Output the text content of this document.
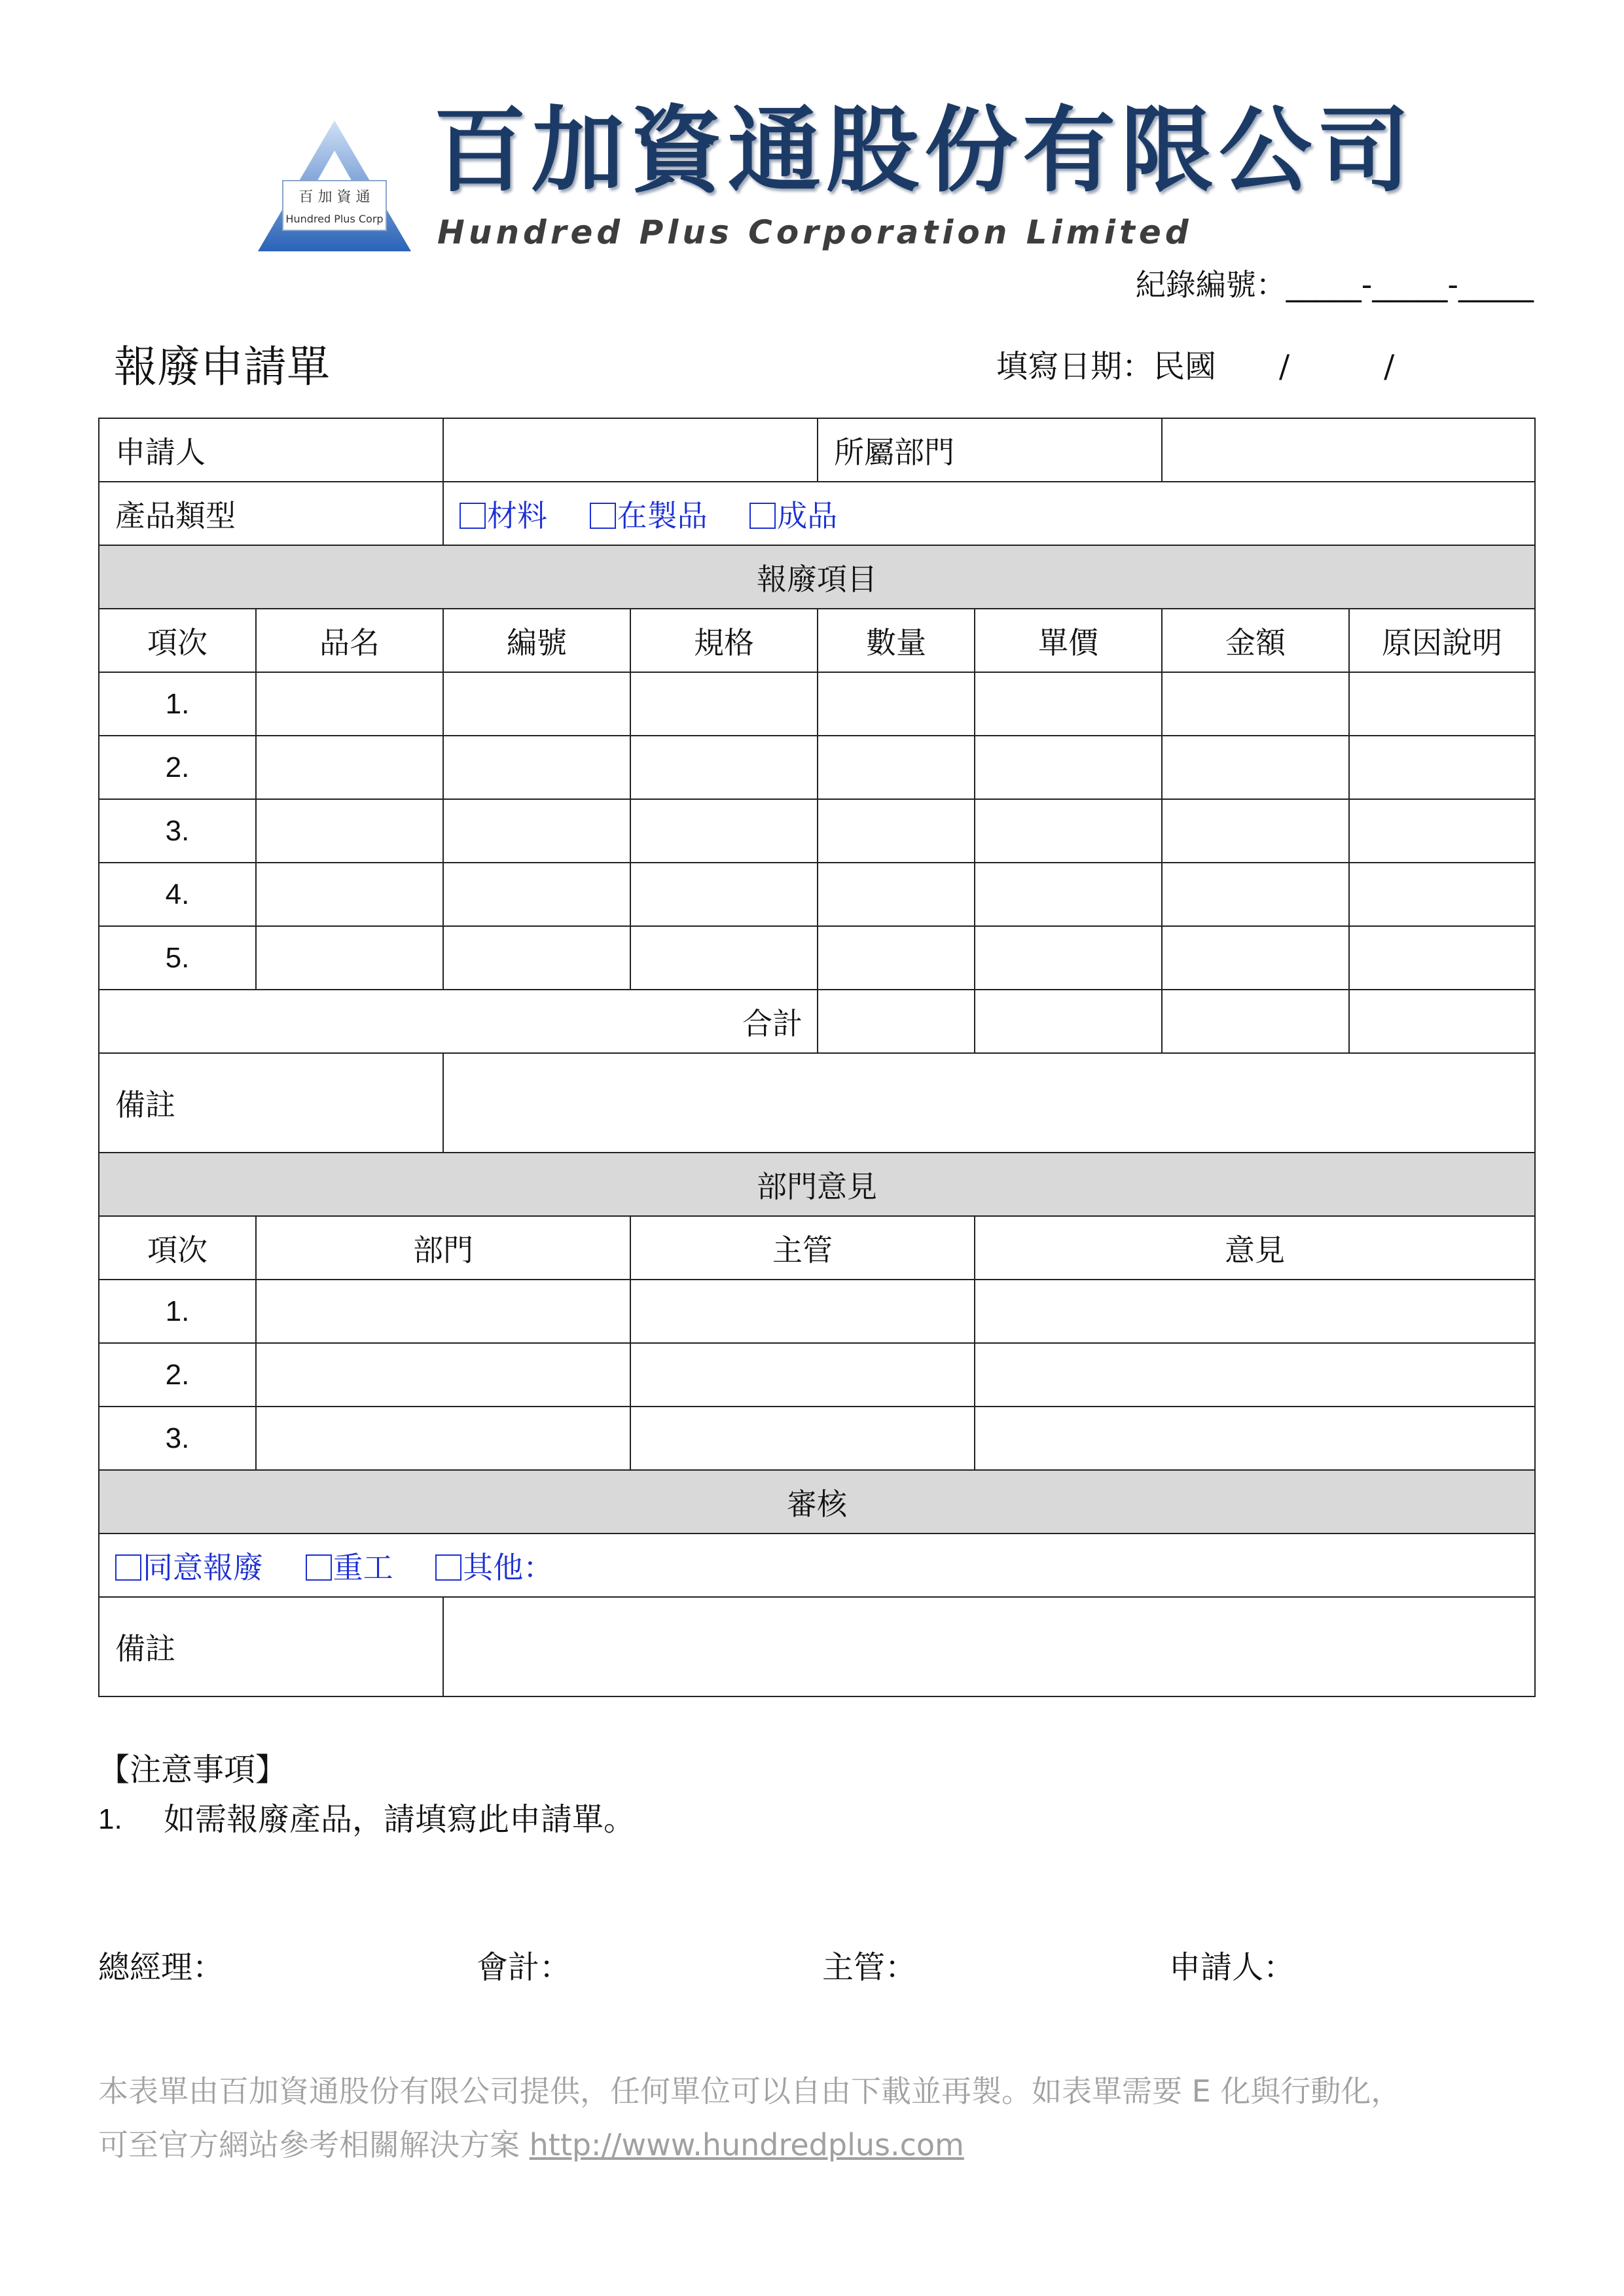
百 加 資 通
Hundred Plus Corp
百加資通股份有限公司
Hundred Plus Corporation Limited
紀錄編號：_____-_____-_____
報廢申請單	填寫日期：民國　　/　　　/
申請人				所屬部門			
產品類型		材料 在製品 成品					
報廢項目							
項次	品名	編號	規格	數量	單價	金額	原因說明
1.							
2.							
3.							
4.							
5.							
合計							
備註							
部門意見							
項次	部門		主管		意見		
1.							
2.							
3.							
審核							
同意報廢 重工 其他：							
備註							
【注意事項】
1. 如需報廢產品，請填寫此申請單。
總經理：	會計：	主管：	申請人：
本表單由百加資通股份有限公司提供，任何單位可以自由下載並再製。如表單需要 E 化與行動化，
可至官方網站參考相關解決方案 http://www.hundredplus.com
